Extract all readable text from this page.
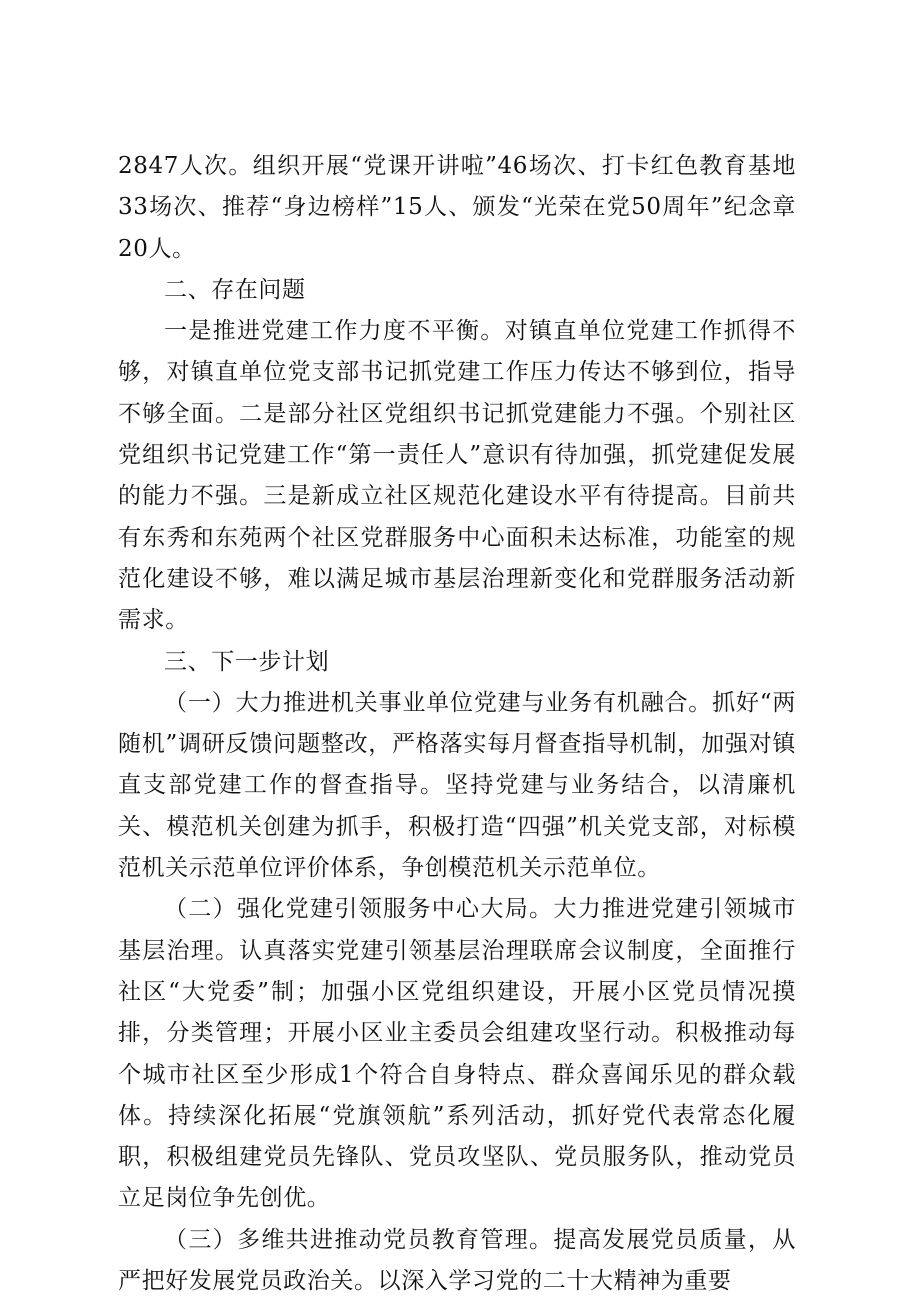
2847人次。组织开展“党课开讲啦”46场次、打卡红色教育基地33场次、推荐“身边榜样”15人、颁发“光荣在党50周年”纪念章20人。

二、存在问题

一是推进党建工作力度不平衡。对镇直单位党建工作抓得不够，对镇直单位党支部书记抓党建工作压力传达不够到位，指导不够全面。二是部分社区党组织书记抓党建能力不强。个别社区党组织书记党建工作“第一责任人”意识有待加强，抓党建促发展的能力不强。三是新成立社区规范化建设水平有待提高。目前共有东秀和东苑两个社区党群服务中心面积未达标准，功能室的规范化建设不够，难以满足城市基层治理新变化和党群服务活动新需求。

三、下一步计划

（一）大力推进机关事业单位党建与业务有机融合。抓好“两随机”调研反馈问题整改，严格落实每月督查指导机制，加强对镇直支部党建工作的督查指导。坚持党建与业务结合，以清廉机关、模范机关创建为抓手，积极打造“四强”机关党支部，对标模范机关示范单位评价体系，争创模范机关示范单位。

（二）强化党建引领服务中心大局。大力推进党建引领城市基层治理。认真落实党建引领基层治理联席会议制度，全面推行社区“大党委”制；加强小区党组织建设，开展小区党员情况摸排，分类管理；开展小区业主委员会组建攻坚行动。积极推动每个城市社区至少形成1个符合自身特点、群众喜闻乐见的群众载体。持续深化拓展“党旗领航”系列活动，抓好党代表常态化履职，积极组建党员先锋队、党员攻坚队、党员服务队，推动党员立足岗位争先创优。

（三）多维共进推动党员教育管理。提高发展党员质量，从严把好发展党员政治关。以深入学习党的二十大精神为重要
